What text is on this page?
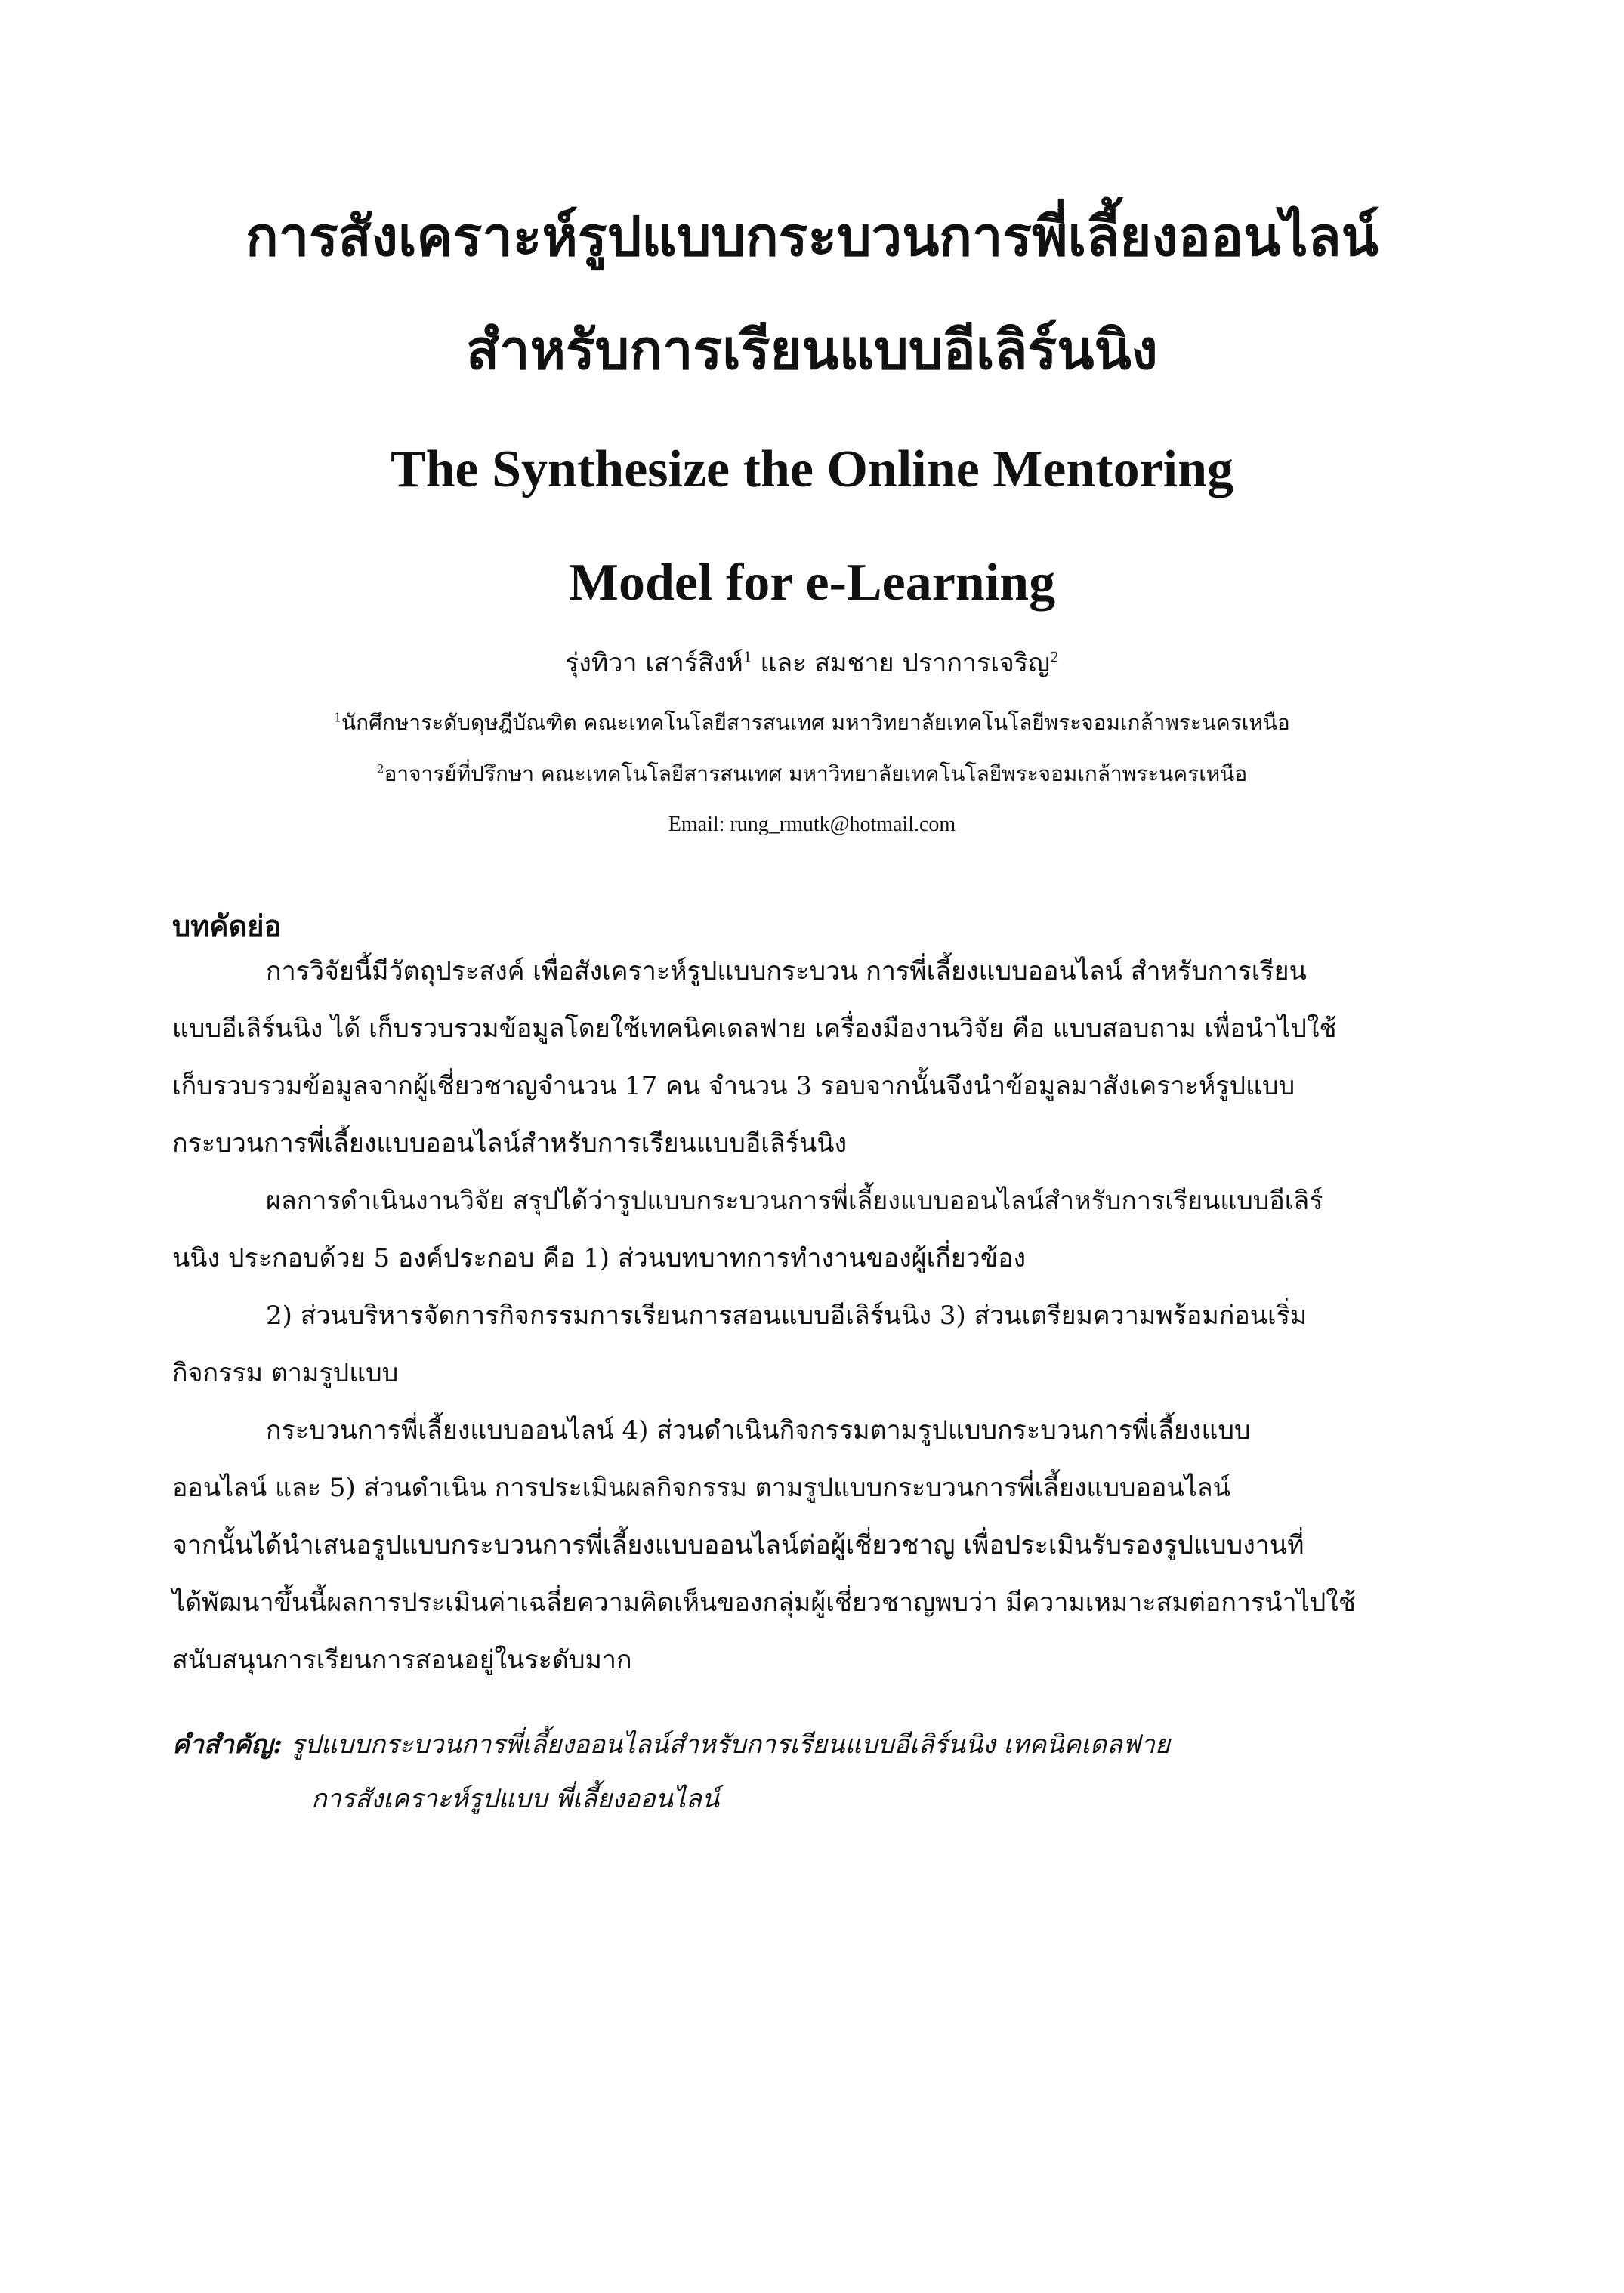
การสังเคราะห์รูปแบบกระบวนการพี่เลี้ยงออนไลน์
สำหรับการเรียนแบบอีเลิร์นนิง
The Synthesize the Online Mentoring
Model for e-Learning
รุ่งทิวา เสาร์สิงห์$^1$ และ สมชาย ปราการเจริญ$^2$
$^1$นักศึกษาระดับดุษฎีบัณฑิต คณะเทคโนโลยีสารสนเทศ มหาวิทยาลัยเทคโนโลยีพระจอมเกล้าพระนครเหนือ
$^2$อาจารย์ที่ปรึกษา คณะเทคโนโลยีสารสนเทศ มหาวิทยาลัยเทคโนโลยีพระจอมเกล้าพระนครเหนือ
Email: rung_rmutk@hotmail.com
บทคัดย่อ
การวิจัยนี้มีวัตถุประสงค์ เพื่อสังเคราะห์รูปแบบกระบวน การพี่เลี้ยงแบบออนไลน์ สำหรับการเรียน
แบบอีเลิร์นนิง ได้ เก็บรวบรวมข้อมูลโดยใช้เทคนิคเดลฟาย เครื่องมืองานวิจัย คือ แบบสอบถาม เพื่อนำไปใช้
เก็บรวบรวมข้อมูลจากผู้เชี่ยวชาญจำนวน 17 คน จำนวน 3 รอบจากนั้นจึงนำข้อมูลมาสังเคราะห์รูปแบบ
กระบวนการพี่เลี้ยงแบบออนไลน์สำหรับการเรียนแบบอีเลิร์นนิง
ผลการดำเนินงานวิจัย สรุปได้ว่ารูปแบบกระบวนการพี่เลี้ยงแบบออนไลน์สำหรับการเรียนแบบอีเลิร์
นนิง ประกอบด้วย 5 องค์ประกอบ คือ 1) ส่วนบทบาทการทำงานของผู้เกี่ยวข้อง
2) ส่วนบริหารจัดการกิจกรรมการเรียนการสอนแบบอีเลิร์นนิง 3) ส่วนเตรียมความพร้อมก่อนเริ่ม
กิจกรรม ตามรูปแบบ
กระบวนการพี่เลี้ยงแบบออนไลน์ 4) ส่วนดำเนินกิจกรรมตามรูปแบบกระบวนการพี่เลี้ยงแบบ
ออนไลน์ และ 5) ส่วนดำเนิน การประเมินผลกิจกรรม ตามรูปแบบกระบวนการพี่เลี้ยงแบบออนไลน์
จากนั้นได้นำเสนอรูปแบบกระบวนการพี่เลี้ยงแบบออนไลน์ต่อผู้เชี่ยวชาญ เพื่อประเมินรับรองรูปแบบงานที่
ได้พัฒนาขึ้นนี้ผลการประเมินค่าเฉลี่ยความคิดเห็นของกลุ่มผู้เชี่ยวชาญพบว่า มีความเหมาะสมต่อการนำไปใช้
สนับสนุนการเรียนการสอนอยู่ในระดับมาก
คำสำคัญ: รูปแบบกระบวนการพี่เลี้ยงออนไลน์สำหรับการเรียนแบบอีเลิร์นนิง เทคนิคเดลฟาย
การสังเคราะห์รูปแบบ พี่เลี้ยงออนไลน์
